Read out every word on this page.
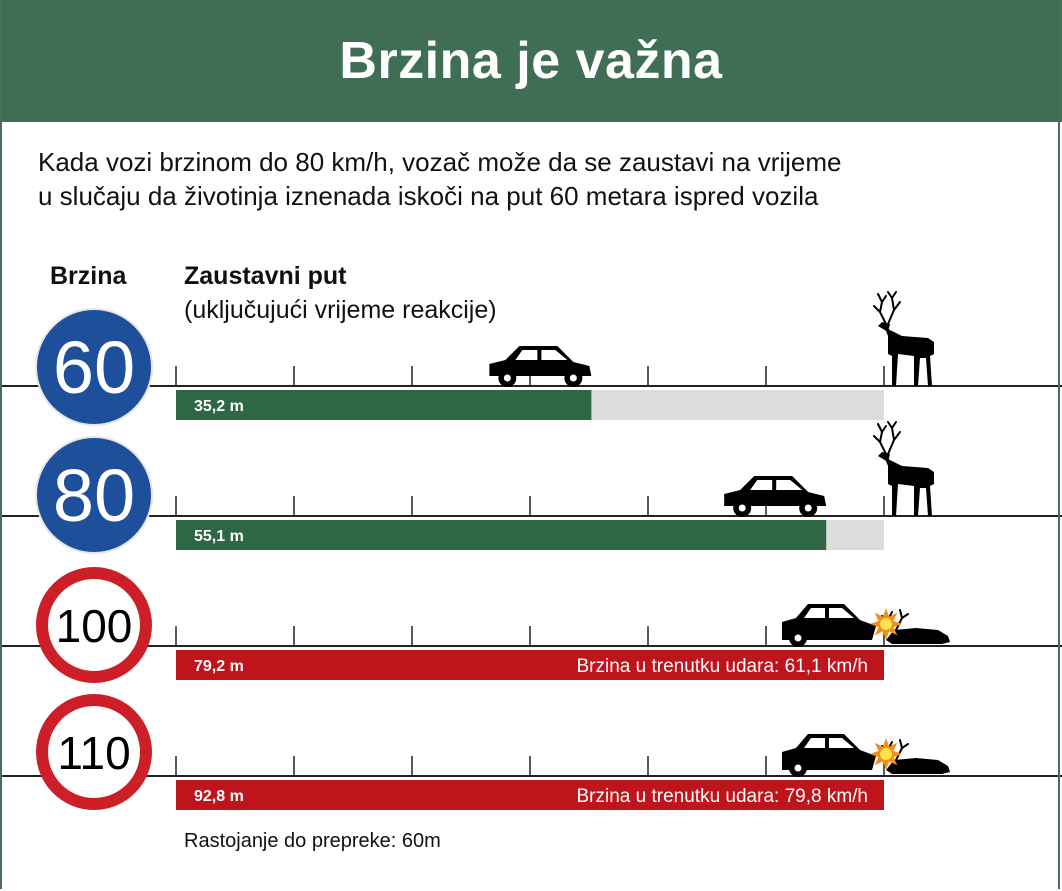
Brzina je važna
Kada vozi brzinom do 80 km/h, vozač može da se zaustavi na vrijeme
u slučaju da životinja iznenada iskoči na put 60 metara ispred vozila
Brzina Zaustavni put
(uključujući vrijeme reakcije)
60	35,2 m
80	55,1 m
100
Brzina u trenutku udara: 61,1 km/h
79,2 m
110
Brzina u trenutku udara: 79,8 km/h
92,8 m
Rastojanje do prepreke: 60m
